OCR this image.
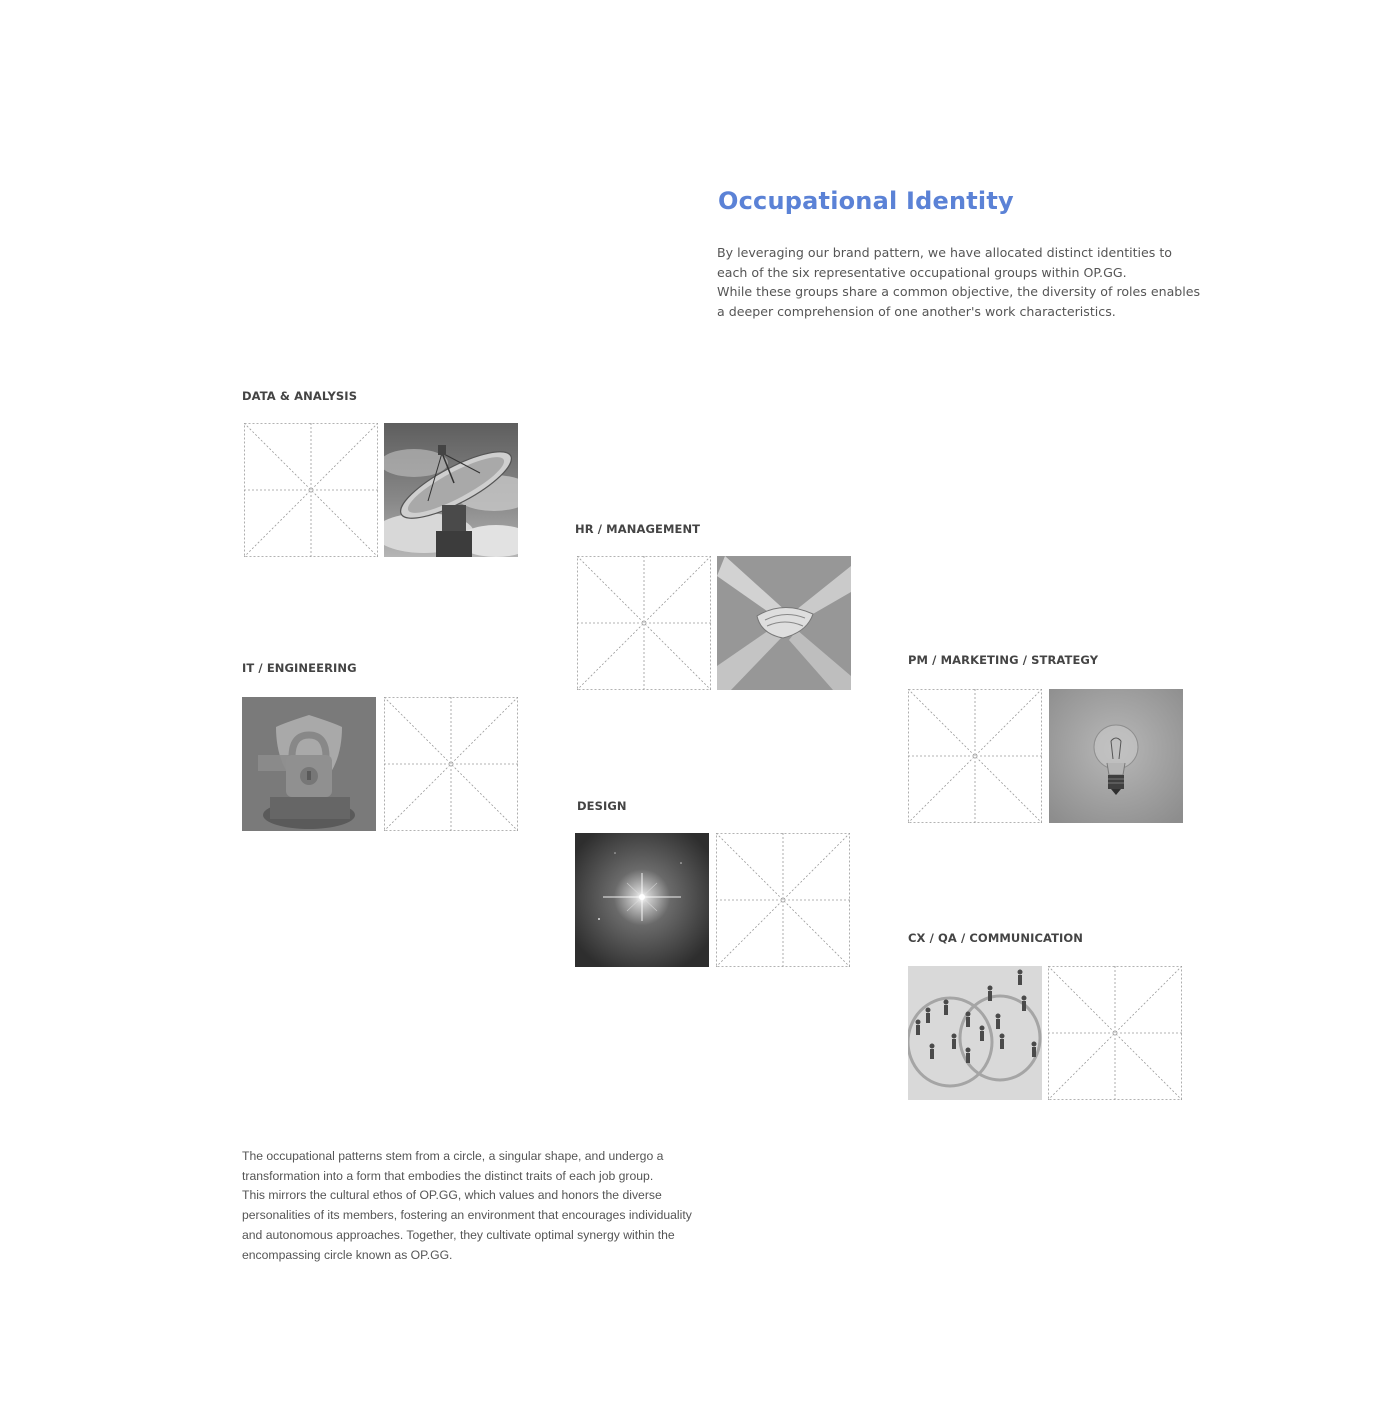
Occupational Identity
By leveraging our brand pattern, we have allocated distinct identities to
each of the six representative occupational groups within OP.GG.
While these groups share a common objective, the diversity of roles enables
a deeper comprehension of one another's work characteristics.
DATA & ANALYSIS
HR / MANAGEMENT
IT / ENGINEERING
PM / MARKETING / STRATEGY
DESIGN
CX / QA / COMMUNICATION
The occupational patterns stem from a circle, a singular shape, and undergo a
transformation into a form that embodies the distinct traits of each job group.
This mirrors the cultural ethos of OP.GG, which values and honors the diverse
personalities of its members, fostering an environment that encourages individuality
and autonomous approaches. Together, they cultivate optimal synergy within the
encompassing circle known as OP.GG.
